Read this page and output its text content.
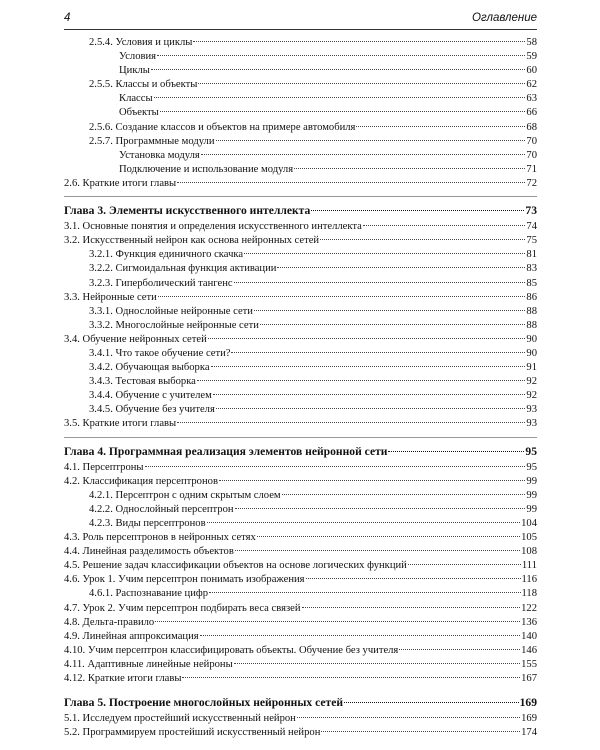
4	Оглавление
2.5.4. Условия и циклы	58
Условия	59
Циклы	60
2.5.5. Классы и объекты	62
Классы	63
Объекты	66
2.5.6. Создание классов и объектов на примере автомобиля	68
2.5.7. Программные модули	70
Установка модуля	70
Подключение и использование модуля	71
2.6. Краткие итоги главы	72
Глава 3. Элементы искусственного интеллекта	73
3.1. Основные понятия и определения искусственного интеллекта	74
3.2. Искусственный нейрон как основа нейронных сетей	75
3.2.1. Функция единичного скачка	81
3.2.2. Сигмоидальная функция активации	83
3.2.3. Гиперболический тангенс	85
3.3. Нейронные сети	86
3.3.1. Однослойные нейронные сети	88
3.3.2. Многослойные нейронные сети	88
3.4. Обучение нейронных сетей	90
3.4.1. Что такое обучение сети?	90
3.4.2. Обучающая выборка	91
3.4.3. Тестовая выборка	92
3.4.4. Обучение с учителем	92
3.4.5. Обучение без учителя	93
3.5. Краткие итоги главы	93
Глава 4. Программная реализация элементов нейронной сети	95
4.1. Персептроны	95
4.2. Классификация персептронов	99
4.2.1. Персептрон с одним скрытым слоем	99
4.2.2. Однослойный персептрон	99
4.2.3. Виды персептронов	104
4.3. Роль персептронов в нейронных сетях	105
4.4. Линейная разделимость объектов	108
4.5. Решение задач классификации объектов на основе логических функций	111
4.6. Урок 1. Учим персептрон понимать изображения	116
4.6.1. Распознавание цифр	118
4.7. Урок 2. Учим персептрон подбирать веса связей	122
4.8. Дельта-правило	136
4.9. Линейная аппроксимация	140
4.10. Учим персептрон классифицировать объекты. Обучение без учителя	146
4.11. Адаптивные линейные нейроны	155
4.12. Краткие итоги главы	167
Глава 5. Построение многослойных нейронных сетей	169
5.1. Исследуем простейший искусственный нейрон	169
5.2. Программируем простейший искусственный нейрон	174
